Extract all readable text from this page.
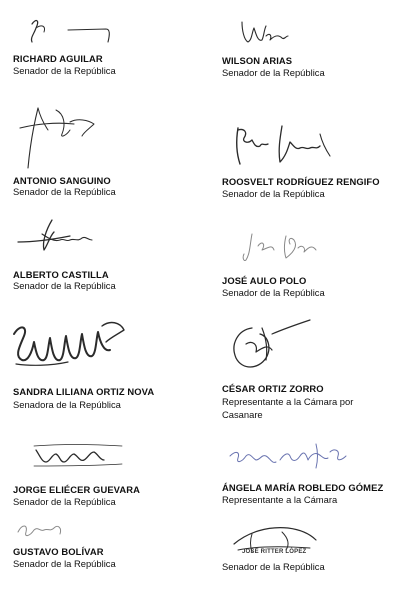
RICHARD AGUILAR
Senador de la República
ANTONIO SANGUINO
Senador de la República
ALBERTO CASTILLA
Senador de la República
SANDRA LILIANA ORTIZ NOVA
Senadora de la República
JORGE ELIÉCER GUEVARA
Senador de la República
GUSTAVO BOLÍVAR
Senador de la República
WILSON ARIAS
Senador de la República
ROOSVELT RODRÍGUEZ RENGIFO
Senador de la República
JOSÉ AULO POLO
Senador de la República
CÉSAR ORTIZ ZORRO
Representante a la Cámara por Casanare
ÁNGELA MARÍA ROBLEDO GÓMEZ
Representante a la Cámara
JOSÉ RITTER LÓPEZ
Senador de la República
